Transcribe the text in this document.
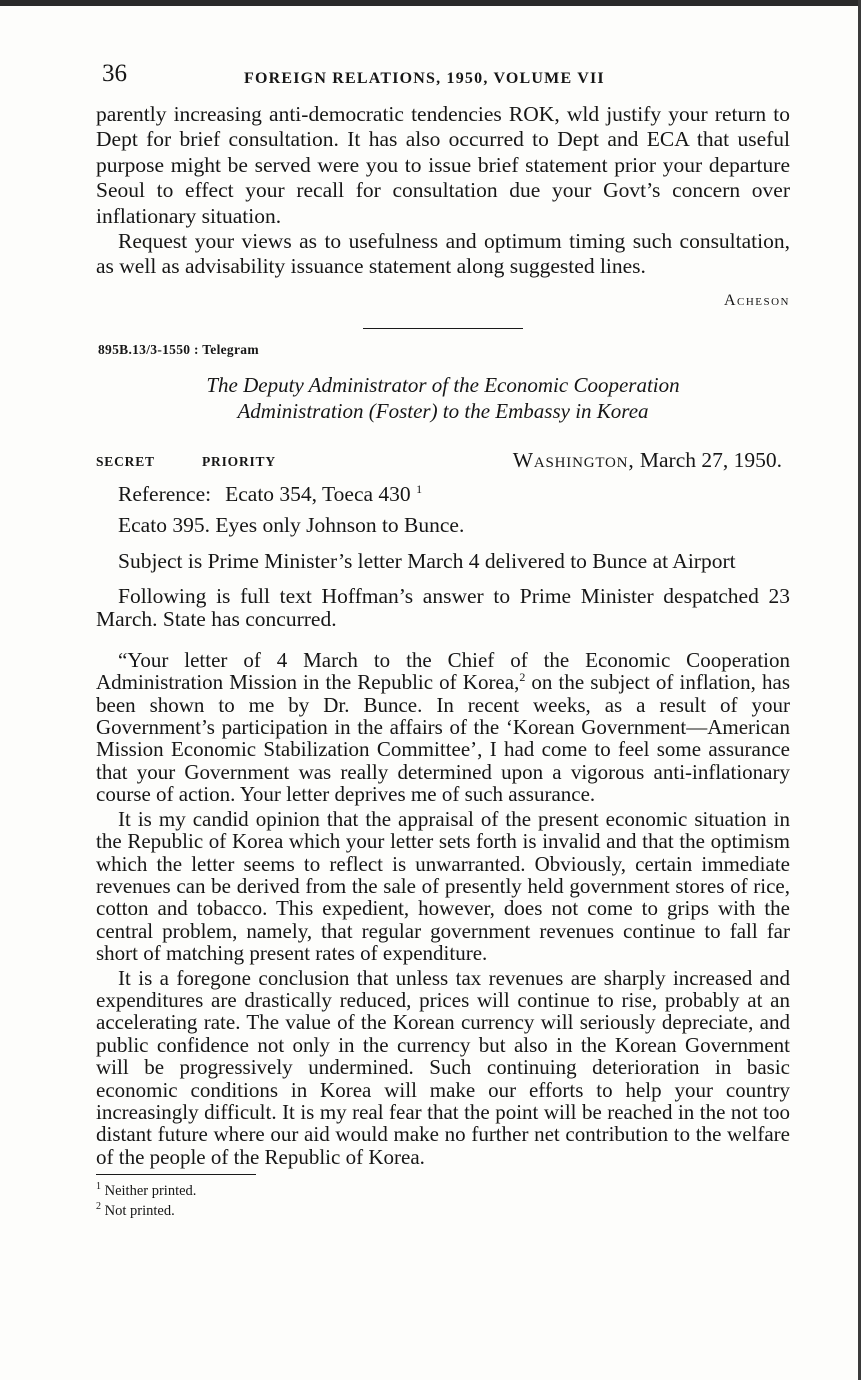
36	FOREIGN RELATIONS, 1950, VOLUME VII

parently increasing anti-democratic tendencies ROK, wld justify your return to Dept for brief consultation. It has also occurred to Dept and ECA that useful purpose might be served were you to issue brief statement prior your departure Seoul to effect your recall for consultation due your Govt’s concern over inflationary situation.

Request your views as to usefulness and optimum timing such consultation, as well as advisability issuance statement along suggested lines.

Acheson

895B.13/3-1550 : Telegram
The Deputy Administrator of the Economic Cooperation
Administration (Foster) to the Embassy in Korea
SECRET	PRIORITY	Washington, March 27, 1950.
Reference: Ecato 354, Toeca 430 $^1$
Ecato 395. Eyes only Johnson to Bunce.

Subject is Prime Minister’s letter March 4 delivered to Bunce at Airport

Following is full text Hoffman’s answer to Prime Minister despatched 23 March. State has concurred.

“Your letter of 4 March to the Chief of the Economic Cooperation Administration Mission in the Republic of Korea,$^2$ on the subject of inflation, has been shown to me by Dr. Bunce. In recent weeks, as a result of your Government’s participation in the affairs of the ‘Korean Government—American Mission Economic Stabilization Committee’, I had come to feel some assurance that your Government was really determined upon a vigorous anti-inflationary course of action. Your letter deprives me of such assurance.

It is my candid opinion that the appraisal of the present economic situation in the Republic of Korea which your letter sets forth is invalid and that the optimism which the letter seems to reflect is unwarranted. Obviously, certain immediate revenues can be derived from the sale of presently held government stores of rice, cotton and tobacco. This expedient, however, does not come to grips with the central problem, namely, that regular government revenues continue to fall far short of matching present rates of expenditure.

It is a foregone conclusion that unless tax revenues are sharply increased and expenditures are drastically reduced, prices will continue to rise, probably at an accelerating rate. The value of the Korean currency will seriously depreciate, and public confidence not only in the currency but also in the Korean Government will be progressively undermined. Such continuing deterioration in basic economic conditions in Korea will make our efforts to help your country increasingly difficult. It is my real fear that the point will be reached in the not too distant future where our aid would make no further net contribution to the welfare of the people of the Republic of Korea.

$^1$ Neither printed.
$^2$ Not printed.
